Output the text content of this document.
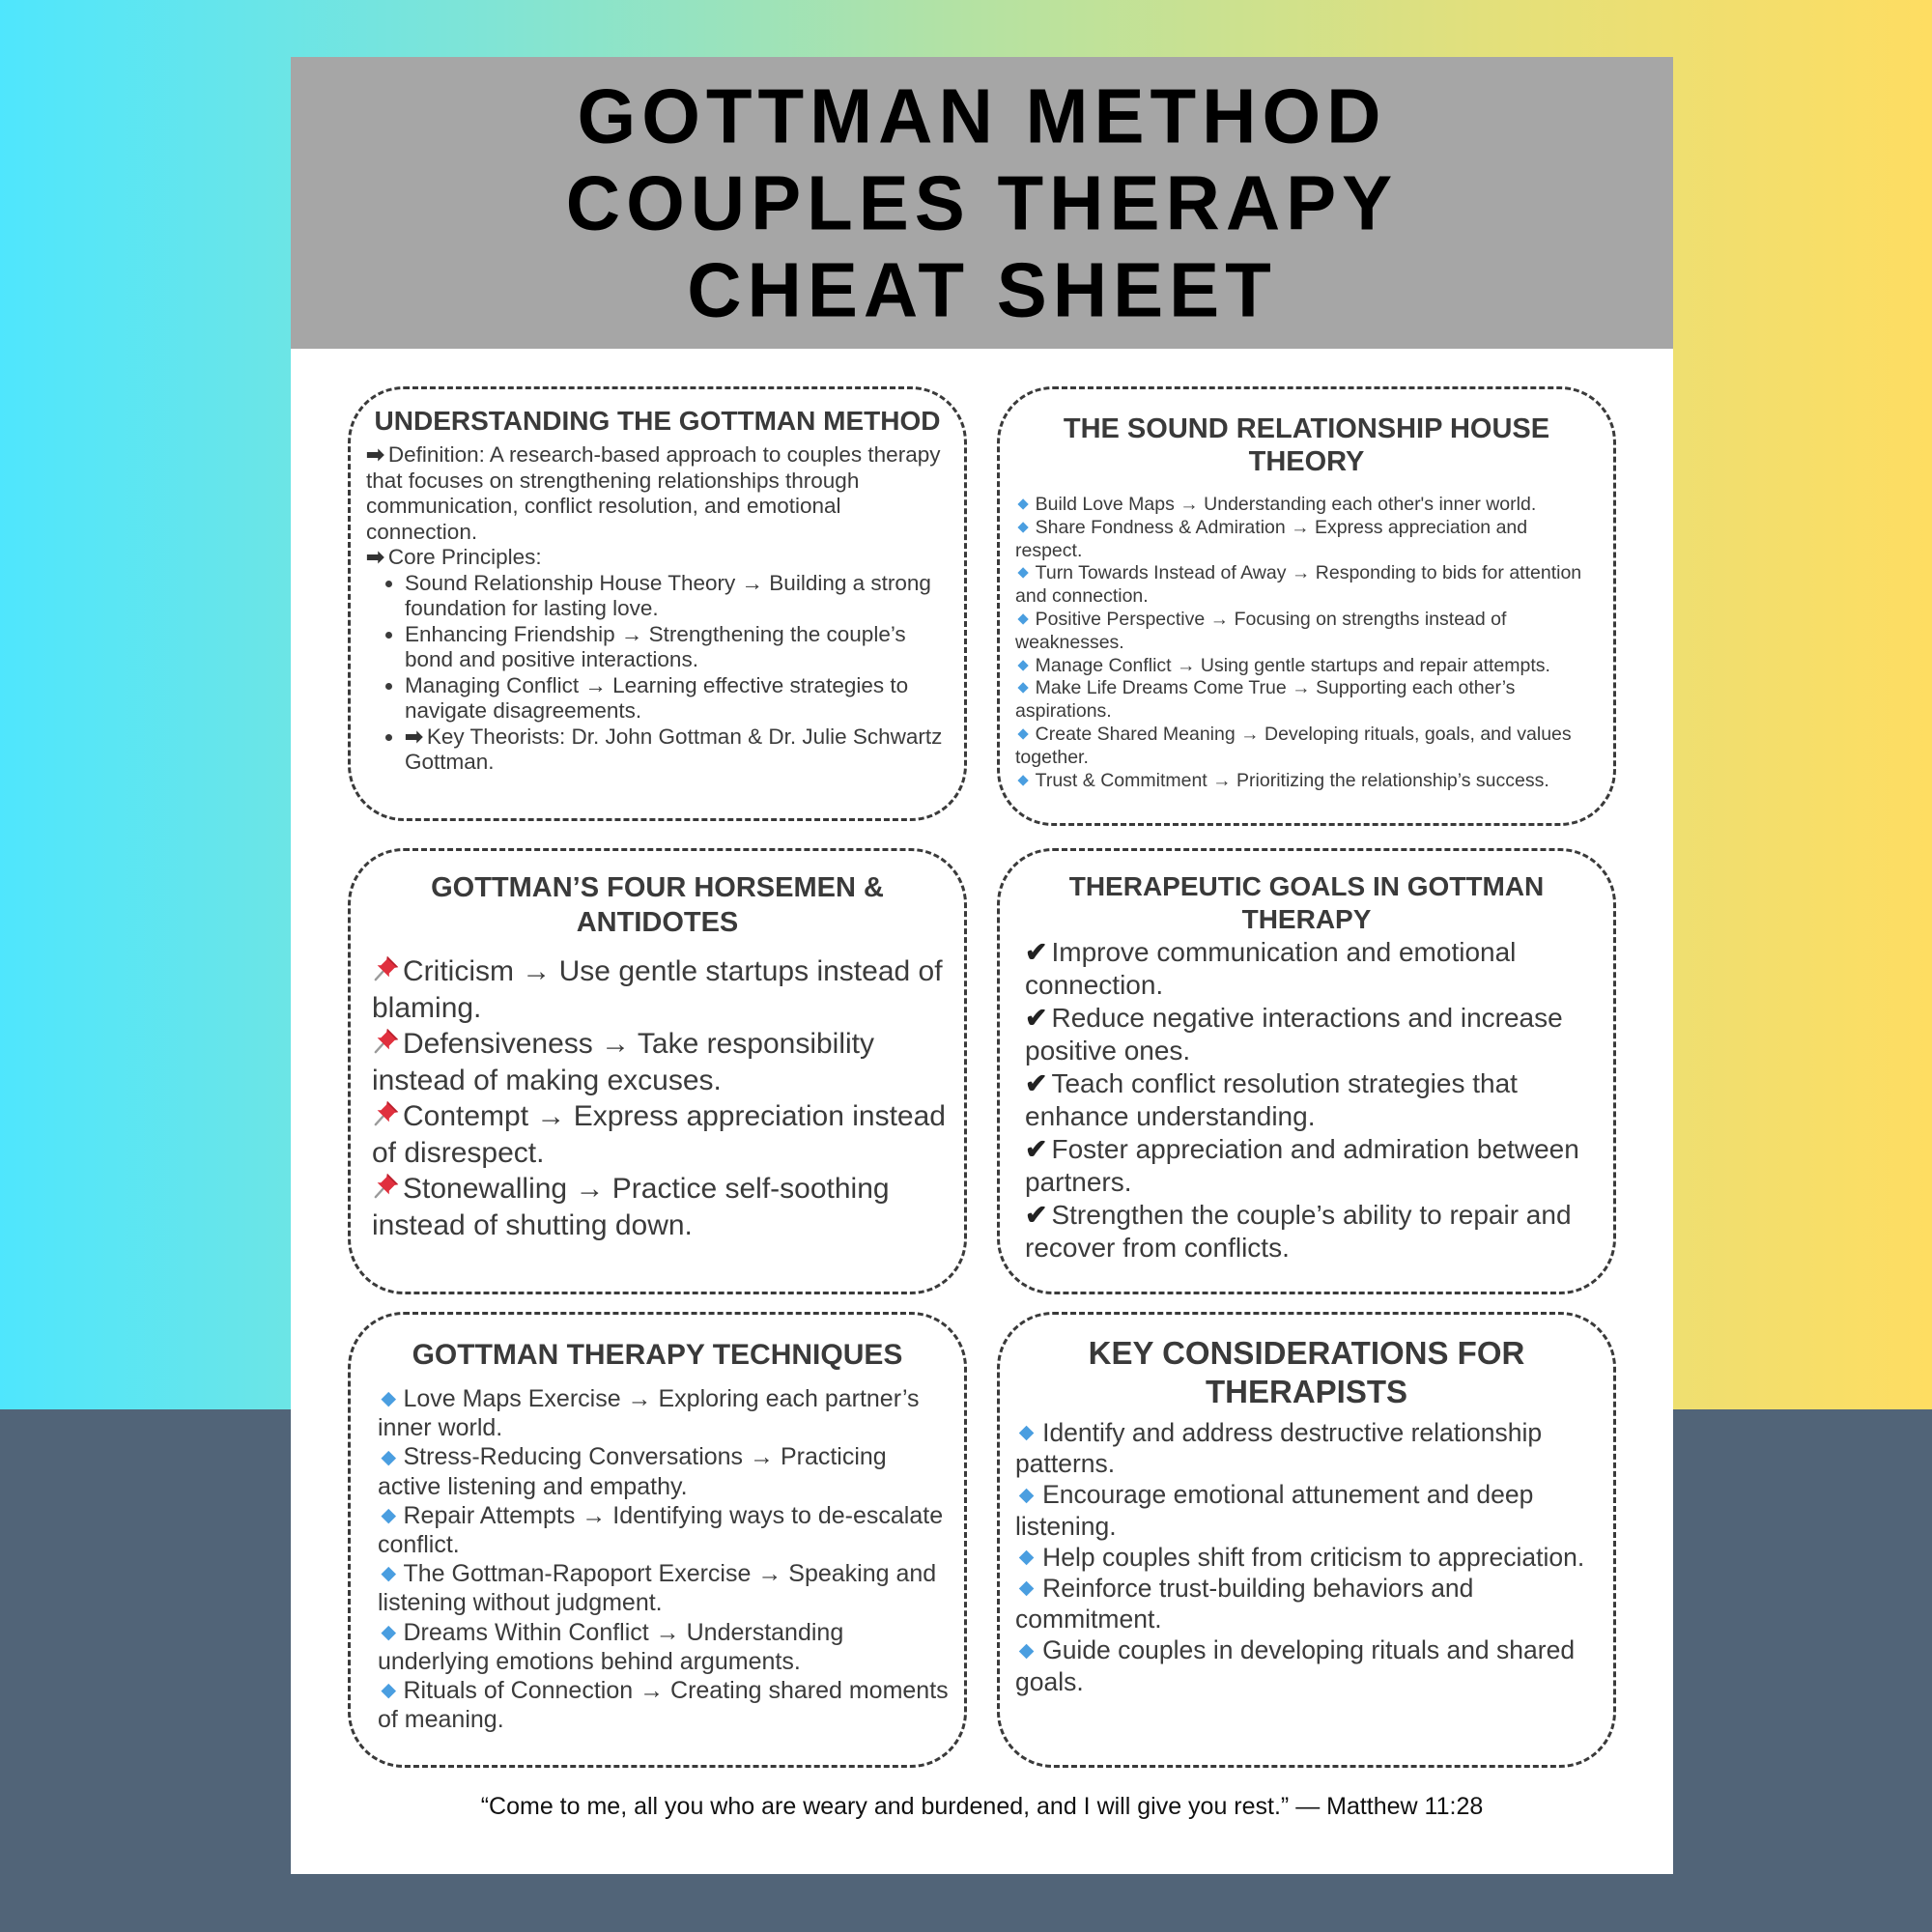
GOTTMAN METHOD
COUPLES THERAPY
CHEAT SHEET
UNDERSTANDING THE GOTTMAN METHOD
➡ Definition: A research-based approach to couples therapy that focuses on strengthening relationships through communication, conflict resolution, and emotional connection.
➡ Core Principles:
• Sound Relationship House Theory → Building a strong foundation for lasting love.
• Enhancing Friendship → Strengthening the couple’s bond and positive interactions.
• Managing Conflict → Learning effective strategies to navigate disagreements.
• ➡ Key Theorists: Dr. John Gottman & Dr. Julie Schwartz Gottman.
THE SOUND RELATIONSHIP HOUSE THEORY
Build Love Maps → Understanding each other's inner world.
Share Fondness & Admiration → Express appreciation and respect.
Turn Towards Instead of Away → Responding to bids for attention and connection.
Positive Perspective → Focusing on strengths instead of weaknesses.
Manage Conflict → Using gentle startups and repair attempts.
Make Life Dreams Come True → Supporting each other’s aspirations.
Create Shared Meaning → Developing rituals, goals, and values together.
Trust & Commitment → Prioritizing the relationship’s success.
GOTTMAN’S FOUR HORSEMEN & ANTIDOTES
Criticism → Use gentle startups instead of blaming.
Defensiveness → Take responsibility instead of making excuses.
Contempt → Express appreciation instead of disrespect.
Stonewalling → Practice self-soothing instead of shutting down.
THERAPEUTIC GOALS IN GOTTMAN THERAPY
✔ Improve communication and emotional connection.
✔ Reduce negative interactions and increase positive ones.
✔ Teach conflict resolution strategies that enhance understanding.
✔ Foster appreciation and admiration between partners.
✔ Strengthen the couple’s ability to repair and recover from conflicts.
GOTTMAN THERAPY TECHNIQUES
Love Maps Exercise → Exploring each partner’s inner world.
Stress-Reducing Conversations → Practicing active listening and empathy.
Repair Attempts → Identifying ways to de-escalate conflict.
The Gottman-Rapoport Exercise → Speaking and listening without judgment.
Dreams Within Conflict → Understanding underlying emotions behind arguments.
Rituals of Connection → Creating shared moments of meaning.
KEY CONSIDERATIONS FOR THERAPISTS
Identify and address destructive relationship patterns.
Encourage emotional attunement and deep listening.
Help couples shift from criticism to appreciation.
Reinforce trust-building behaviors and commitment.
Guide couples in developing rituals and shared goals.
“Come to me, all you who are weary and burdened, and I will give you rest.” — Matthew 11:28
